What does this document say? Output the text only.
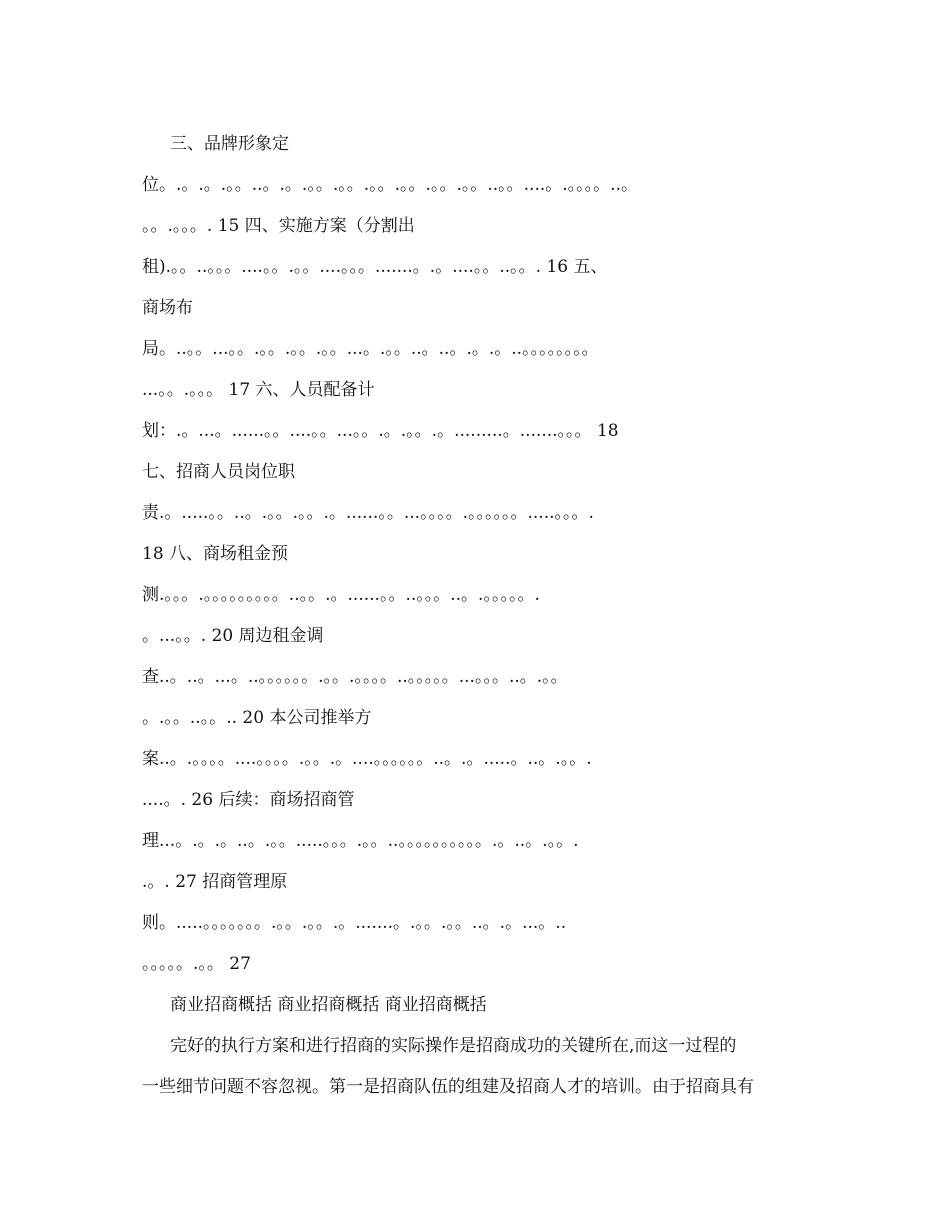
三、品牌形象定
位。.。.。.。。..。.。.。。.。。.。。.。。.。。.。。..。。....。.。。。。..。
。。.。。。. 15 四、实施方案（分割出
租).。。..。。。....。。.。。....。。。.......。.。....。。..。。. 16 五、
商场布
局。..。。...。。.。。.。。.。。...。.。。..。..。.。.。..。。。。。。。。
...。。.。。。 17 六、人员配备计
划：.。...。......。。....。。...。。.。.。。.。.........。.......。。。 18
七、招商人员岗位职
责.。.....。。..。.。。.。。.。......。。...。。。。.。。。。。。.....。。。.
18 八、商场租金预
测.。。。.。。。。。。。。。..。。.。......。。..。。。..。.。。。。。.
。...。。. 20 周边租金调
查..。..。...。..。。。。。。.。。.。。。。..。。。。。...。。。..。.。。
。.。。..。。.. 20 本公司推举方
案..。.。。。。....。。。。.。。.。....。。。。。。..。.。.....。..。.。。.
....。. 26 后续：商场招商管
理...。.。.。..。.。。.....。。。.。。..。。。。。。。。。。.。..。.。。.
.。. 27 招商管理原
则。.....。。。。。。。.。。.。。.。.......。.。。.。。..。.。...。..
。。。。。.。。 27
商业招商概括 商业招商概括 商业招商概括
完好的执行方案和进行招商的实际操作是招商成功的关键所在,而这一过程的
一些细节问题不容忽视。第一是招商队伍的组建及招商人才的培训。由于招商具有
